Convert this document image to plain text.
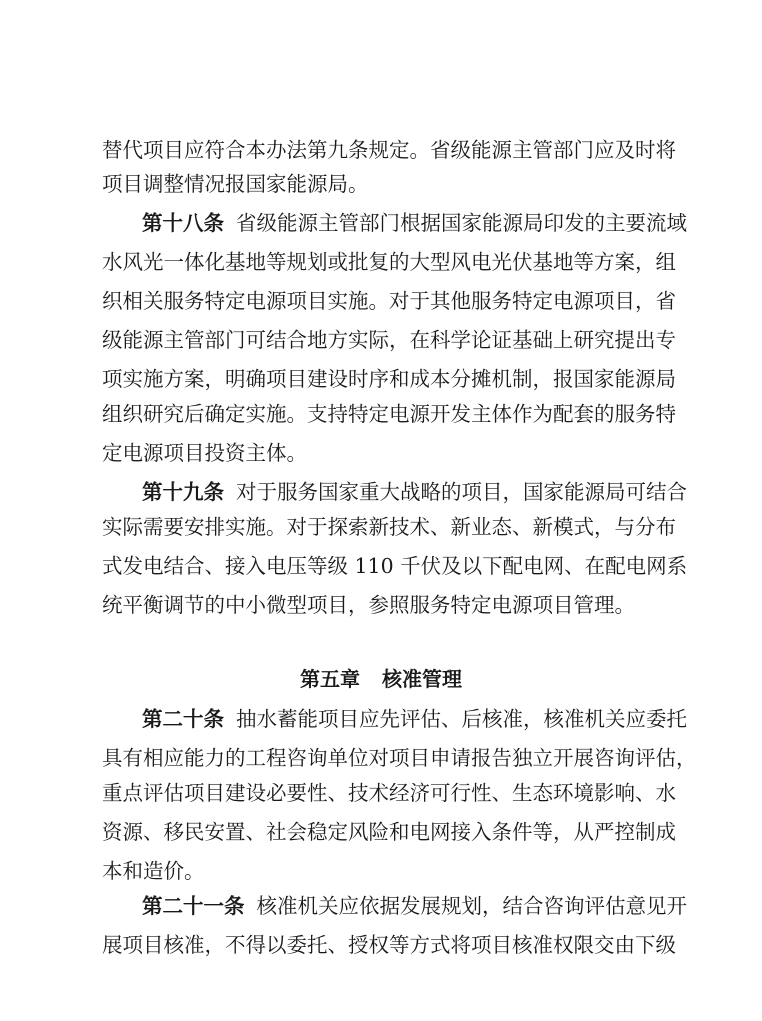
替代项目应符合本办法第九条规定。省级能源主管部门应及时将
项目调整情况报国家能源局。
第十八条 省级能源主管部门根据国家能源局印发的主要流域
水风光一体化基地等规划或批复的大型风电光伏基地等方案，组
织相关服务特定电源项目实施。对于其他服务特定电源项目，省
级能源主管部门可结合地方实际，在科学论证基础上研究提出专
项实施方案，明确项目建设时序和成本分摊机制，报国家能源局
组织研究后确定实施。支持特定电源开发主体作为配套的服务特
定电源项目投资主体。
第十九条 对于服务国家重大战略的项目，国家能源局可结合
实际需要安排实施。对于探索新技术、新业态、新模式，与分布
式发电结合、接入电压等级 110 千伏及以下配电网、在配电网系
统平衡调节的中小微型项目，参照服务特定电源项目管理。
第五章 核准管理
第二十条 抽水蓄能项目应先评估、后核准，核准机关应委托
具有相应能力的工程咨询单位对项目申请报告独立开展咨询评估，
重点评估项目建设必要性、技术经济可行性、生态环境影响、水
资源、移民安置、社会稳定风险和电网接入条件等，从严控制成
本和造价。
第二十一条 核准机关应依据发展规划，结合咨询评估意见开
展项目核准，不得以委托、授权等方式将项目核准权限交由下级
